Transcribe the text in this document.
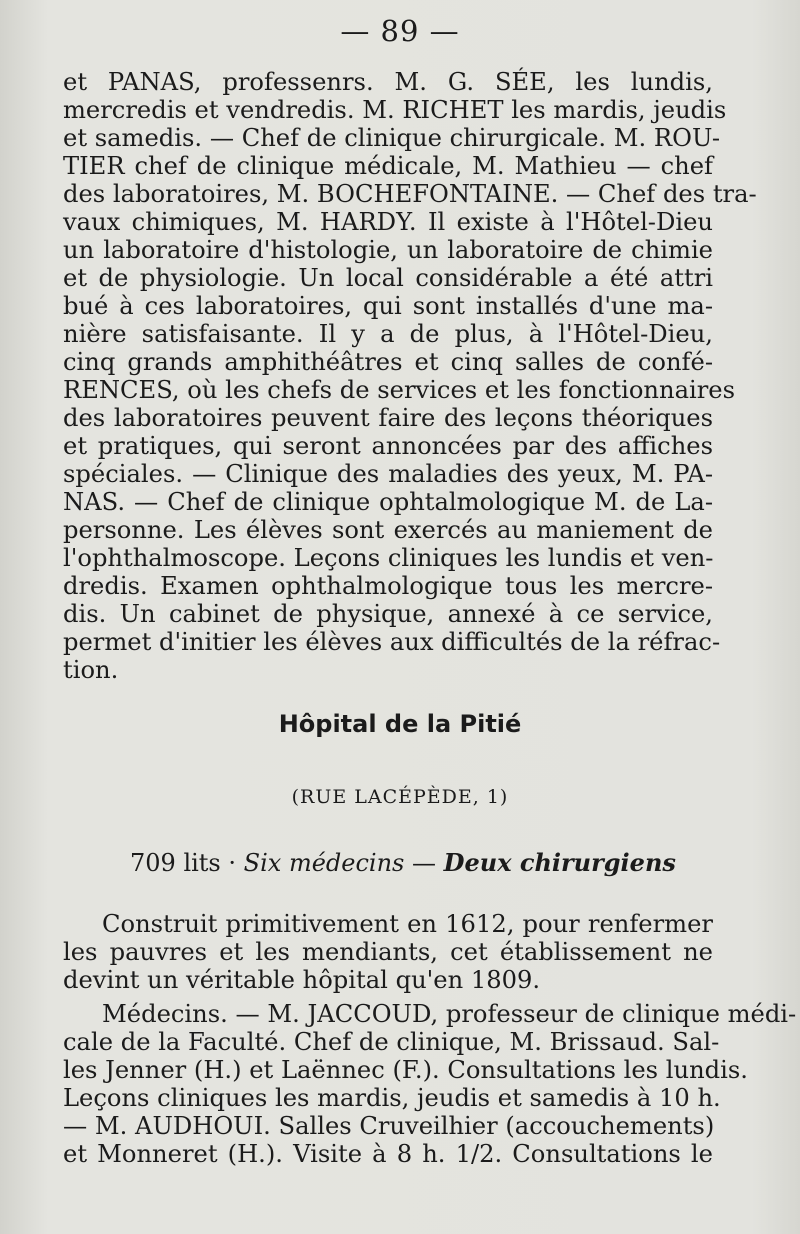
— 89 —
et PANAS, professenrs. M. G. SÉE, les lundis,
mercredis et vendredis. M. RICHET les mardis, jeudis
et samedis. — Chef de clinique chirurgicale. M. ROU-
TIER chef de clinique médicale, M. Mathieu — chef
des laboratoires, M. BOCHEFONTAINE. — Chef des tra-
vaux chimiques, M. HARDY. Il existe à l'Hôtel-Dieu
un laboratoire d'histologie, un laboratoire de chimie
et de physiologie. Un local considérable a été attri
bué à ces laboratoires, qui sont installés d'une ma-
nière satisfaisante. Il y a de plus, à l'Hôtel-Dieu,
cinq grands amphithéâtres et cinq salles de confé-
RENCES, où les chefs de services et les fonctionnaires
des laboratoires peuvent faire des leçons théoriques
et pratiques, qui seront annoncées par des affiches
spéciales. — Clinique des maladies des yeux, M. PA-
NAS. — Chef de clinique ophtalmologique M. de La-
personne. Les élèves sont exercés au maniement de
l'ophthalmoscope. Leçons cliniques les lundis et ven-
dredis. Examen ophthalmologique tous les mercre-
dis. Un cabinet de physique, annexé à ce service,
permet d'initier les élèves aux difficultés de la réfrac-
tion.
Hôpital de la Pitié
(RUE LACÉPÈDE, 1)
709 lits · Six médecins — Deux chirurgiens
Construit primitivement en 1612, pour renfermer
les pauvres et les mendiants, cet établissement ne
devint un véritable hôpital qu'en 1809.
Médecins. — M. JACCOUD, professeur de clinique médi-
cale de la Faculté. Chef de clinique, M. Brissaud. Sal-
les Jenner (H.) et Laënnec (F.). Consultations les lundis.
Leçons cliniques les mardis, jeudis et samedis à 10 h.
— M. AUDHOUI. Salles Cruveilhier (accouchements)
et Monneret (H.). Visite à 8 h. 1/2. Consultations le
